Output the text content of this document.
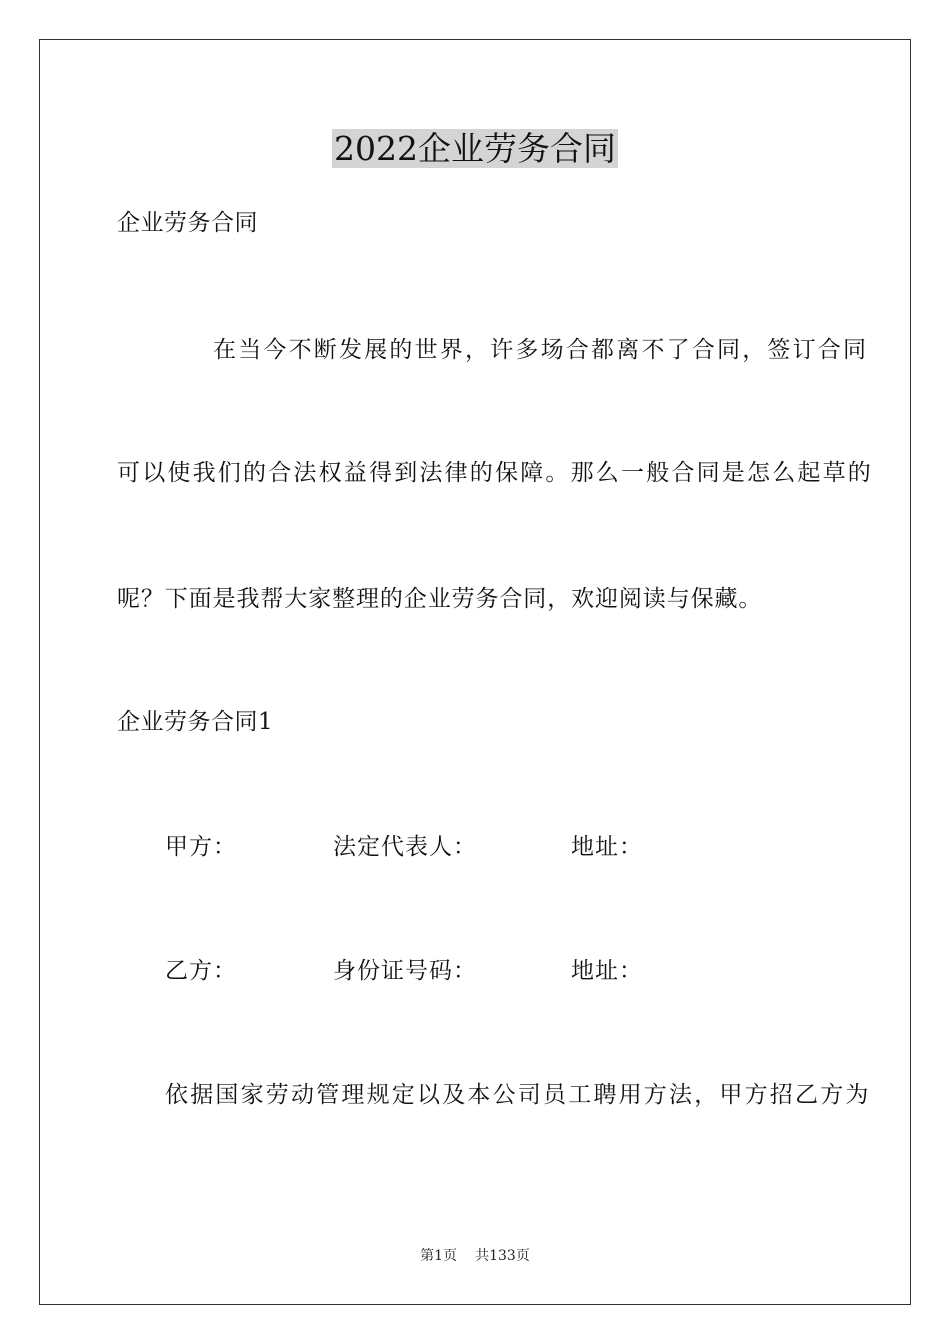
2022企业劳务合同
企业劳务合同
在当今不断发展的世界，许多场合都离不了合同，签订合同
可以使我们的合法权益得到法律的保障。那么一般合同是怎么起草的
呢？下面是我帮大家整理的企业劳务合同，欢迎阅读与保藏。
企业劳务合同1
甲方：	法定代表人：	地址：
乙方：	身份证号码：	地址：
依据国家劳动管理规定以及本公司员工聘用方法，甲方招乙方为
第1页 共133页
